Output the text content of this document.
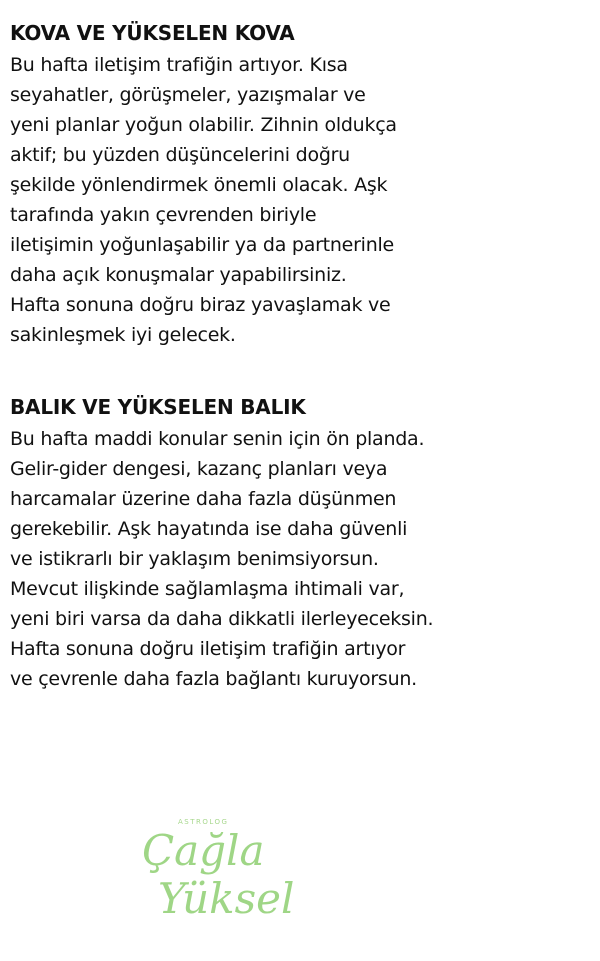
KOVA VE YÜKSELEN KOVA

Bu hafta iletişim trafiğin artıyor. Kısa

seyahatler, görüşmeler, yazışmalar ve

yeni planlar yoğun olabilir. Zihnin oldukça

aktif; bu yüzden düşüncelerini doğru

şekilde yönlendirmek önemli olacak. Aşk

tarafında yakın çevrenden biriyle

iletişimin yoğunlaşabilir ya da partnerinle

daha açık konuşmalar yapabilirsiniz.

Hafta sonuna doğru biraz yavaşlamak ve

sakinleşmek iyi gelecek.

BALIK VE YÜKSELEN BALIK

Bu hafta maddi konular senin için ön planda.

Gelir-gider dengesi, kazanç planları veya

harcamalar üzerine daha fazla düşünmen

gerekebilir. Aşk hayatında ise daha güvenli

ve istikrarlı bir yaklaşım benimsiyorsun.

Mevcut ilişkinde sağlamlaşma ihtimali var,

yeni biri varsa da daha dikkatli ilerleyeceksin.

Hafta sonuna doğru iletişim trafiğin artıyor

ve çevrenle daha fazla bağlantı kuruyorsun.

ASTROLOG
Çağla
Yüksel
